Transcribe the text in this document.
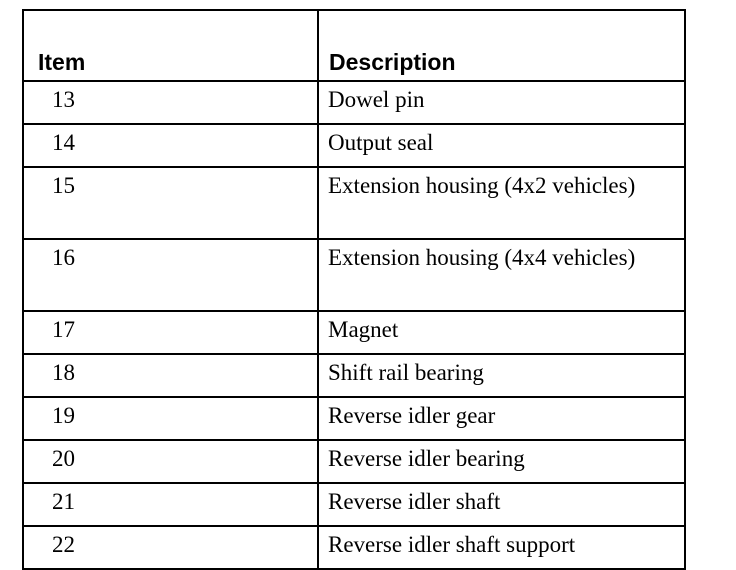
Item	Description
13	Dowel pin
14	Output seal
15	Extension housing (4x2 vehicles)
16	Extension housing (4x4 vehicles)
17	Magnet
18	Shift rail bearing
19	Reverse idler gear
20	Reverse idler bearing
21	Reverse idler shaft
22	Reverse idler shaft support
